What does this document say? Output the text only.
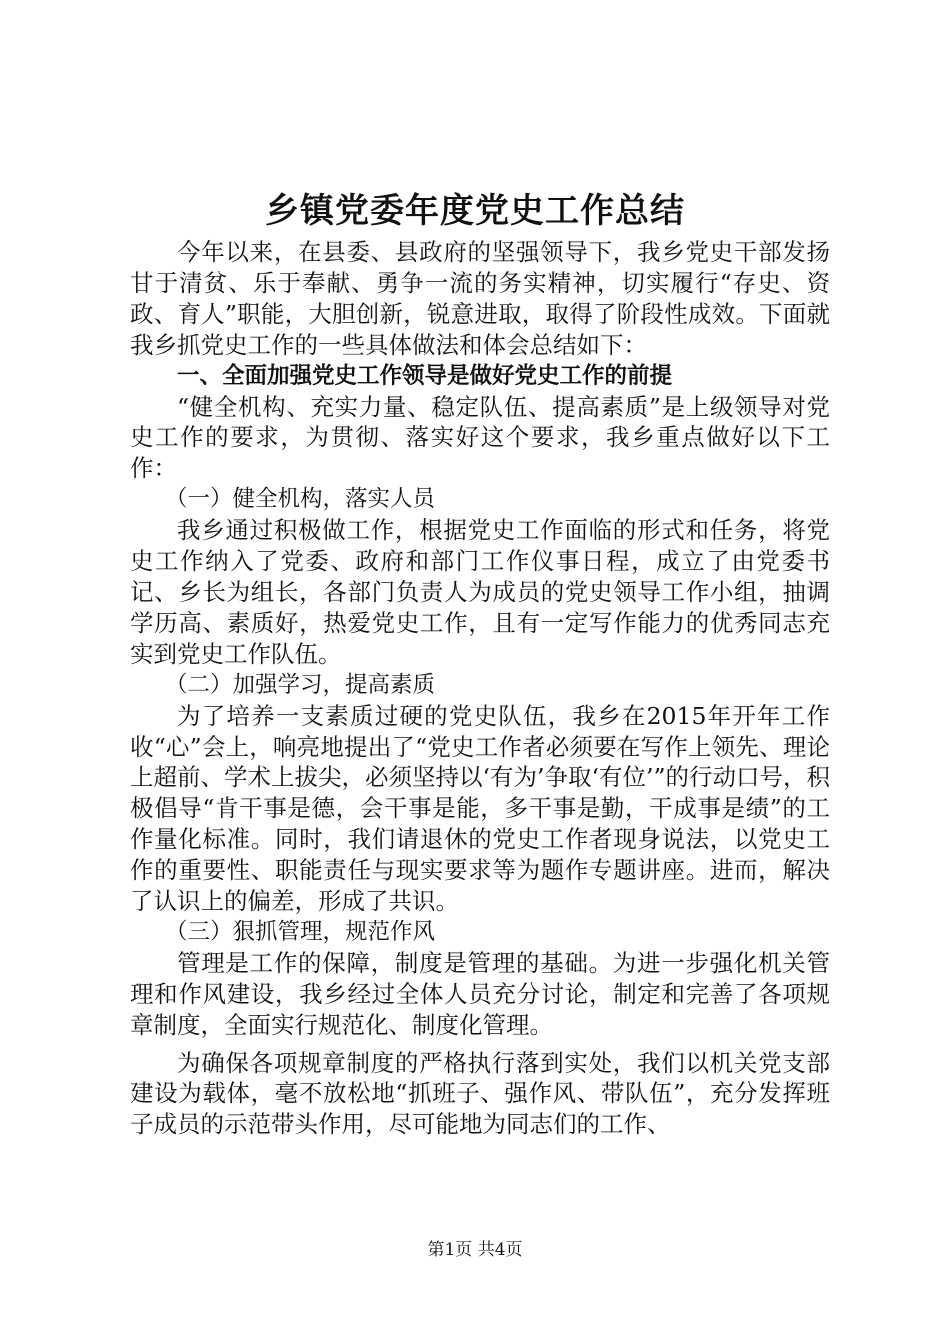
乡镇党委年度党史工作总结

今年以来，在县委、县政府的坚强领导下，我乡党史干部发扬甘于清贫、乐于奉献、勇争一流的务实精神，切实履行“存史、资政、育人”职能，大胆创新，锐意进取，取得了阶段性成效。下面就我乡抓党史工作的一些具体做法和体会总结如下：

一、全面加强党史工作领导是做好党史工作的前提

“健全机构、充实力量、稳定队伍、提高素质”是上级领导对党史工作的要求，为贯彻、落实好这个要求，我乡重点做好以下工作：

（一）健全机构，落实人员

我乡通过积极做工作，根据党史工作面临的形式和任务，将党史工作纳入了党委、政府和部门工作仪事日程，成立了由党委书记、乡长为组长，各部门负责人为成员的党史领导工作小组，抽调学历高、素质好，热爱党史工作，且有一定写作能力的优秀同志充实到党史工作队伍。

（二）加强学习，提高素质

为了培养一支素质过硬的党史队伍，我乡在2015年开年工作收“心”会上，响亮地提出了“党史工作者必须要在写作上领先、理论上超前、学术上拔尖，必须坚持以‘有为’争取‘有位’”的行动口号，积极倡导“肯干事是德，会干事是能，多干事是勤，干成事是绩”的工作量化标准。同时，我们请退休的党史工作者现身说法，以党史工作的重要性、职能责任与现实要求等为题作专题讲座。进而，解决了认识上的偏差，形成了共识。

（三）狠抓管理，规范作风

管理是工作的保障，制度是管理的基础。为进一步强化机关管理和作风建设，我乡经过全体人员充分讨论，制定和完善了各项规章制度，全面实行规范化、制度化管理。

为确保各项规章制度的严格执行落到实处，我们以机关党支部建设为载体，毫不放松地“抓班子、强作风、带队伍”，充分发挥班子成员的示范带头作用，尽可能地为同志们的工作、

第1页 共4页
